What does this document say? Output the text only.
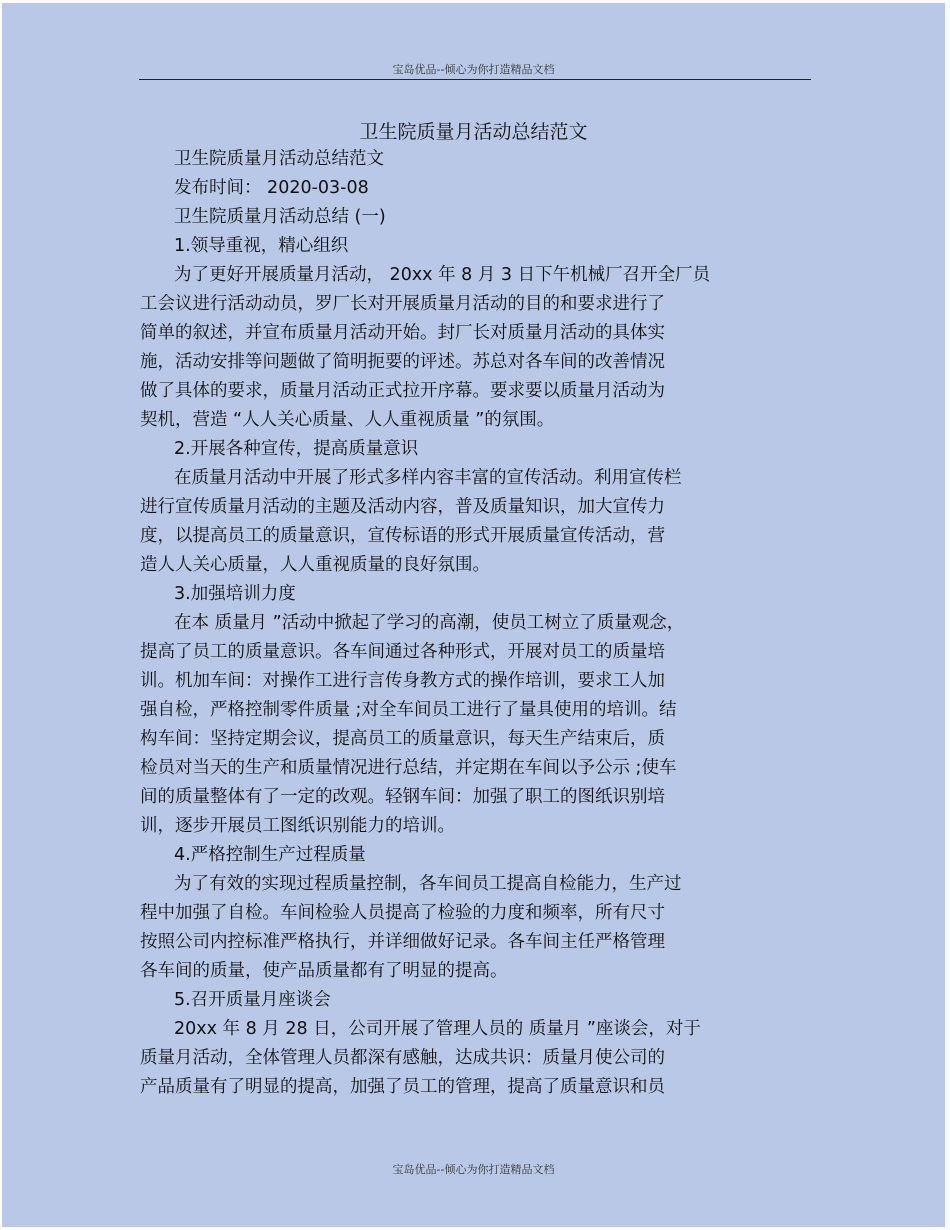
宝岛优品--倾心为你打造精品文档
卫生院质量月活动总结范文
卫生院质量月活动总结范文
发布时间： 2020-03-08
卫生院质量月活动总结 (一)
1.领导重视，精心组织
为了更好开展质量月活动， 20xx 年 8 月 3 日下午机械厂召开全厂员
工会议进行活动动员，罗厂长对开展质量月活动的目的和要求进行了
简单的叙述，并宣布质量月活动开始。封厂长对质量月活动的具体实
施，活动安排等问题做了简明扼要的评述。苏总对各车间的改善情况
做了具体的要求，质量月活动正式拉开序幕。要求要以质量月活动为
契机，营造 “人人关心质量、人人重视质量 ”的氛围。
2.开展各种宣传，提高质量意识
在质量月活动中开展了形式多样内容丰富的宣传活动。利用宣传栏
进行宣传质量月活动的主题及活动内容，普及质量知识，加大宣传力
度，以提高员工的质量意识，宣传标语的形式开展质量宣传活动，营
造人人关心质量，人人重视质量的良好氛围。
3.加强培训力度
在本 质量月 ”活动中掀起了学习的高潮，使员工树立了质量观念，
提高了员工的质量意识。各车间通过各种形式，开展对员工的质量培
训。机加车间：对操作工进行言传身教方式的操作培训，要求工人加
强自检，严格控制零件质量 ;对全车间员工进行了量具使用的培训。结
构车间：坚持定期会议，提高员工的质量意识，每天生产结束后，质
检员对当天的生产和质量情况进行总结，并定期在车间以予公示 ;使车
间的质量整体有了一定的改观。轻钢车间：加强了职工的图纸识别培
训，逐步开展员工图纸识别能力的培训。
4.严格控制生产过程质量
为了有效的实现过程质量控制，各车间员工提高自检能力，生产过
程中加强了自检。车间检验人员提高了检验的力度和频率，所有尺寸
按照公司内控标准严格执行，并详细做好记录。各车间主任严格管理
各车间的质量，使产品质量都有了明显的提高。
5.召开质量月座谈会
20xx 年 8 月 28 日，公司开展了管理人员的 质量月 ”座谈会，对于
质量月活动，全体管理人员都深有感触，达成共识：质量月使公司的
产品质量有了明显的提高，加强了员工的管理，提高了质量意识和员
宝岛优品--倾心为你打造精品文档
